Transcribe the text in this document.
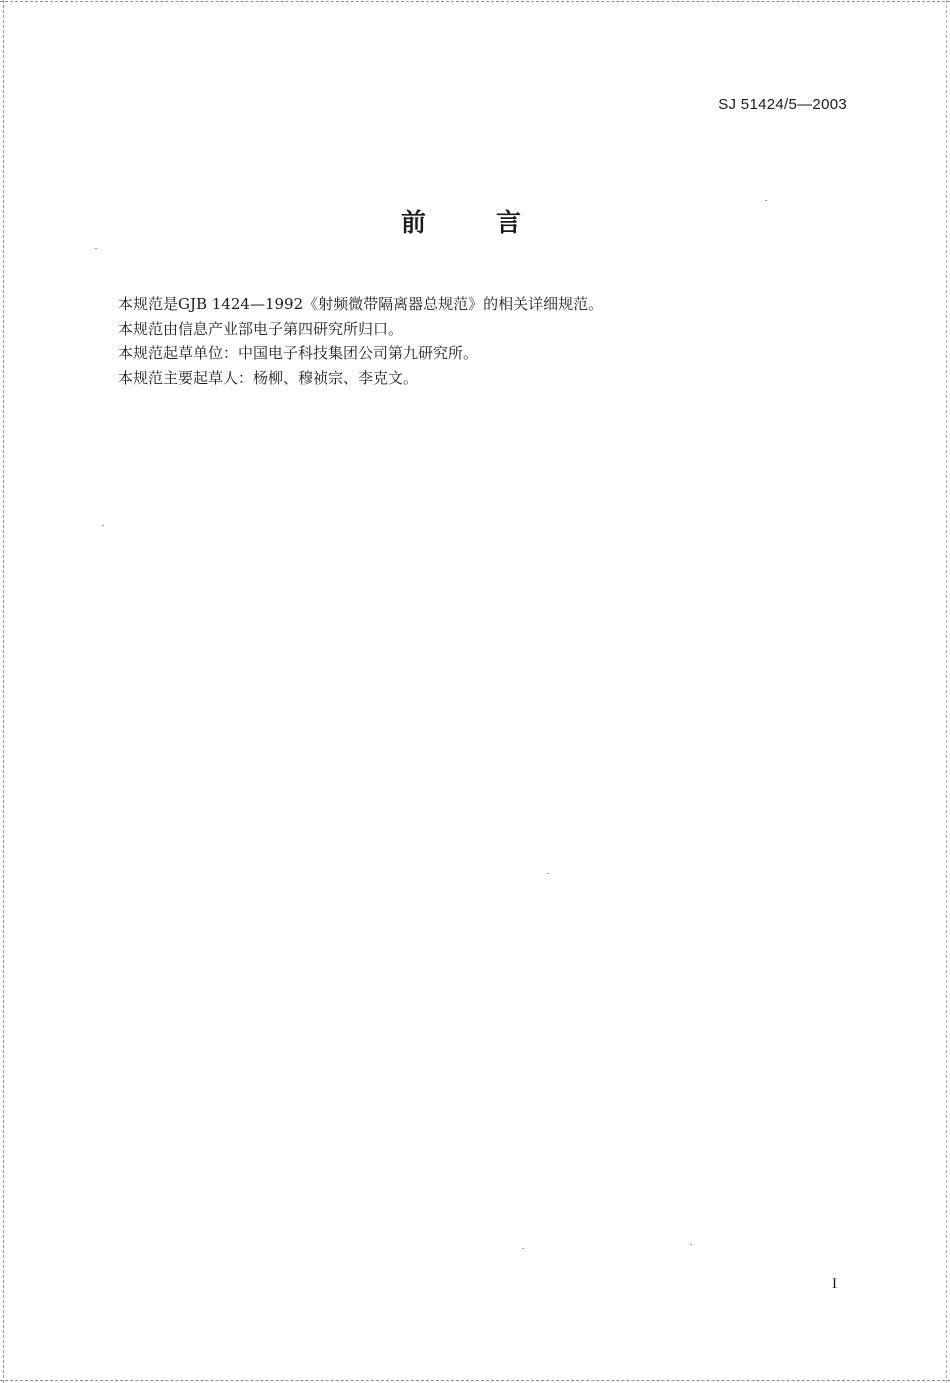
SJ 51424/5—2003
前	言

本规范是GJB 1424—1992《射频微带隔离器总规范》的相关详细规范。

本规范由信息产业部电子第四研究所归口。

本规范起草单位：中国电子科技集团公司第九研究所。

本规范主要起草人：杨柳、穆祯宗、李克文。

I
